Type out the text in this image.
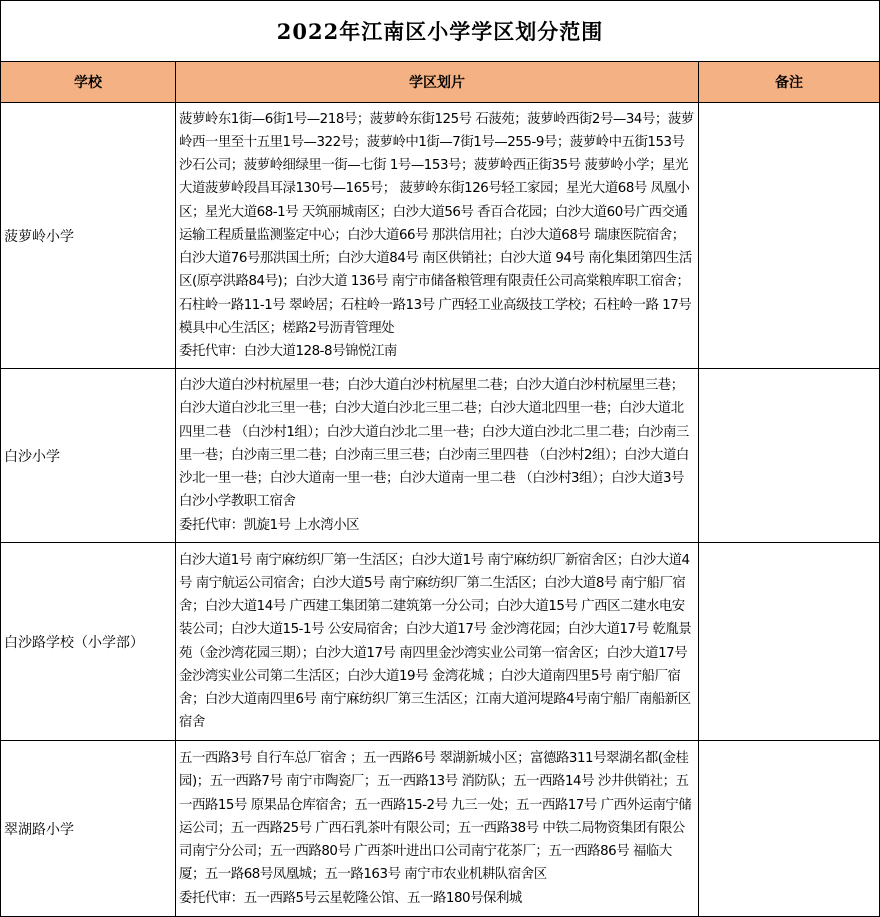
2022年江南区小学学区划分范围		
学校	学区划片	备注
菠萝岭小学	菠萝岭东1街—6街1号—218号；菠萝岭东街125号 石菠苑；菠萝岭西街2号—34号；菠萝岭西一里至十五里1号—322号；菠萝岭中1街—7街1号—255-9号；菠萝岭中五街153号 沙石公司；菠萝岭细绿里一街—七街 1号—153号；菠萝岭西正街35号 菠萝岭小学；星光大道菠萝岭段昌耳渌130号—165号； 菠萝岭东街126号轻工家园；星光大道68号 凤凰小区；星光大道68-1号 天筑丽城南区；白沙大道56号 香百合花园；白沙大道60号广西交通运输工程质量监测鉴定中心；白沙大道66号 那洪信用社；白沙大道68号 瑞康医院宿舍；白沙大道76号那洪国土所；白沙大道84号 南区供销社；白沙大道 94号 南化集团第四生活区(原亭洪路84号)；白沙大道 136号 南宁市储备粮管理有限责任公司高棠粮库职工宿舍；石柱岭一路11-1号 翠岭居；石柱岭一路13号 广西轻工业高级技工学校；石柱岭一路 17号 模具中心生活区；槎路2号沥青管理处

委托代审：白沙大道128-8号锦悦江南	

白沙小学	白沙大道白沙村杭屋里一巷；白沙大道白沙村杭屋里二巷；白沙大道白沙村杭屋里三巷；白沙大道白沙北三里一巷；白沙大道白沙北三里二巷；白沙大道北四里一巷；白沙大道北四里二巷 （白沙村1组）；白沙大道白沙北二里一巷；白沙大道白沙北二里二巷；白沙南三里一巷；白沙南三里二巷；白沙南三里三巷；白沙南三里四巷 （白沙村2组）；白沙大道白沙北一里一巷；白沙大道南一里一巷；白沙大道南一里二巷 （白沙村3组）；白沙大道3号 白沙小学教职工宿舍

委托代审：凯旋1号 上水湾小区	

白沙路学校（小学部）	白沙大道1号 南宁麻纺织厂第一生活区；白沙大道1号 南宁麻纺织厂新宿舍区；白沙大道4号 南宁航运公司宿舍；白沙大道5号 南宁麻纺织厂第二生活区；白沙大道8号 南宁船厂宿舍；白沙大道14号 广西建工集团第二建筑第一分公司；白沙大道15号 广西区二建水电安装公司；白沙大道15-1号 公安局宿舍；白沙大道17号 金沙湾花园；白沙大道17号 乾胤景苑（金沙湾花园三期）；白沙大道17号 南四里金沙湾实业公司第一宿舍区；白沙大道17号 金沙湾实业公司第二生活区；白沙大道19号 金湾花城 ；白沙大道南四里5号 南宁船厂宿舍；白沙大道南四里6号 南宁麻纺织厂第三生活区；江南大道河堤路4号南宁船厂南船新区宿舍	

翠湖路小学	五一西路3号 自行车总厂宿舍 ；五一西路6号 翠湖新城小区；富德路311号翠湖名都(金桂园)；五一西路7号 南宁市陶瓷厂；五一西路13号 消防队；五一西路14号 沙井供销社；五一西路15号 原果品仓库宿舍；五一西路15-2号 九三一处；五一西路17号 广西外运南宁储运公司；五一西路25号 广西石乳茶叶有限公司；五一西路38号 中铁二局物资集团有限公司南宁分公司；五一西路80号 广西茶叶进出口公司南宁花茶厂；五一西路86号 福临大厦；五一路68号凤凰城；五一路163号 南宁市农业机耕队宿舍区

委托代审：五一西路5号云星乾隆公馆、五一路180号保利城	
